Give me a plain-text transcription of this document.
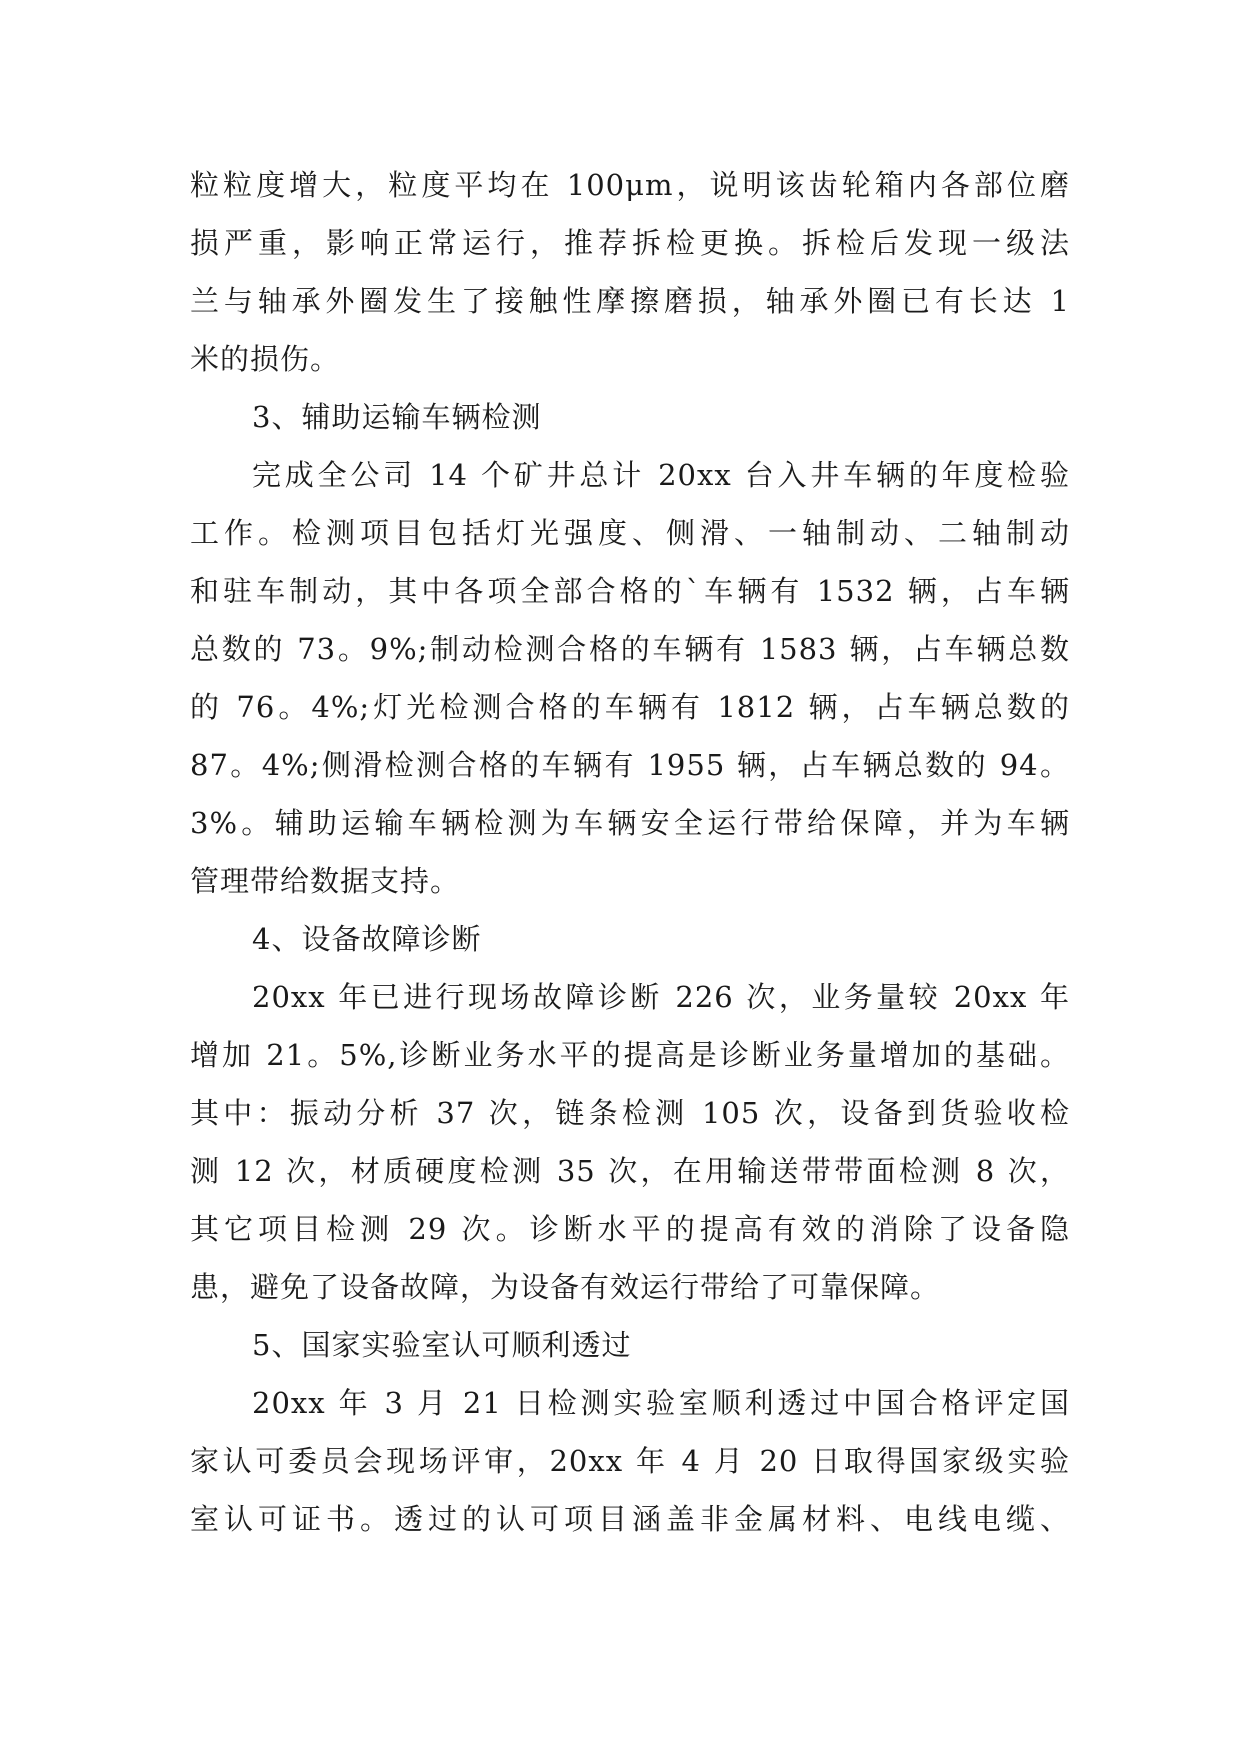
粒粒度增大，粒度平均在 100μm，说明该齿轮箱内各部位磨
损严重，影响正常运行，推荐拆检更换。拆检后发现一级法
兰与轴承外圈发生了接触性摩擦磨损，轴承外圈已有长达 1
米的损伤。
3、辅助运输车辆检测
完成全公司 14 个矿井总计 20xx 台入井车辆的年度检验
工作。检测项目包括灯光强度、侧滑、一轴制动、二轴制动
和驻车制动，其中各项全部合格的`车辆有 1532 辆，占车辆
总数的 73。9%;制动检测合格的车辆有 1583 辆，占车辆总数
的 76。4%;灯光检测合格的车辆有 1812 辆，占车辆总数的
87。4%;侧滑检测合格的车辆有 1955 辆，占车辆总数的 94。
3%。辅助运输车辆检测为车辆安全运行带给保障，并为车辆
管理带给数据支持。
4、设备故障诊断
20xx 年已进行现场故障诊断 226 次，业务量较 20xx 年
增加 21。5%,诊断业务水平的提高是诊断业务量增加的基础。
其中：振动分析 37 次，链条检测 105 次，设备到货验收检
测 12 次，材质硬度检测 35 次，在用输送带带面检测 8 次，
其它项目检测 29 次。诊断水平的提高有效的消除了设备隐
患，避免了设备故障，为设备有效运行带给了可靠保障。
5、国家实验室认可顺利透过
20xx 年 3 月 21 日检测实验室顺利透过中国合格评定国
家认可委员会现场评审，20xx 年 4 月 20 日取得国家级实验
室认可证书。透过的认可项目涵盖非金属材料、电线电缆、
